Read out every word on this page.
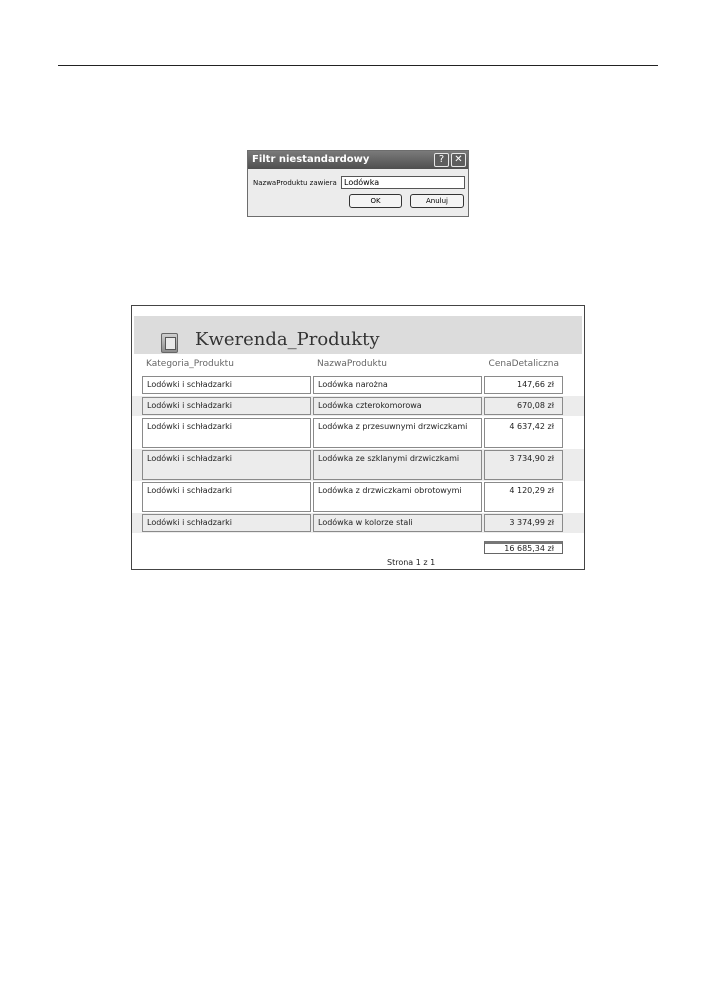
Filtr niestandardowy	?	✕
NazwaProduktu zawiera Lodówka
OK	Anuluj
Kwerenda_Produkty
Kategoria_Produktu	NazwaProduktu	CenaDetaliczna
Lodówki i schładzarki	Lodówka narożna	147,66 zł
Lodówki i schładzarki	Lodówka czterokomorowa	670,08 zł
Lodówki i schładzarki	Lodówka z przesuwnymi drzwiczkami	4 637,42 zł
Lodówki i schładzarki	Lodówka ze szklanymi drzwiczkami	3 734,90 zł
Lodówki i schładzarki	Lodówka z drzwiczkami obrotowymi	4 120,29 zł
Lodówki i schładzarki	Lodówka w kolorze stali	3 374,99 zł
16 685,34 zł
Strona 1 z 1
